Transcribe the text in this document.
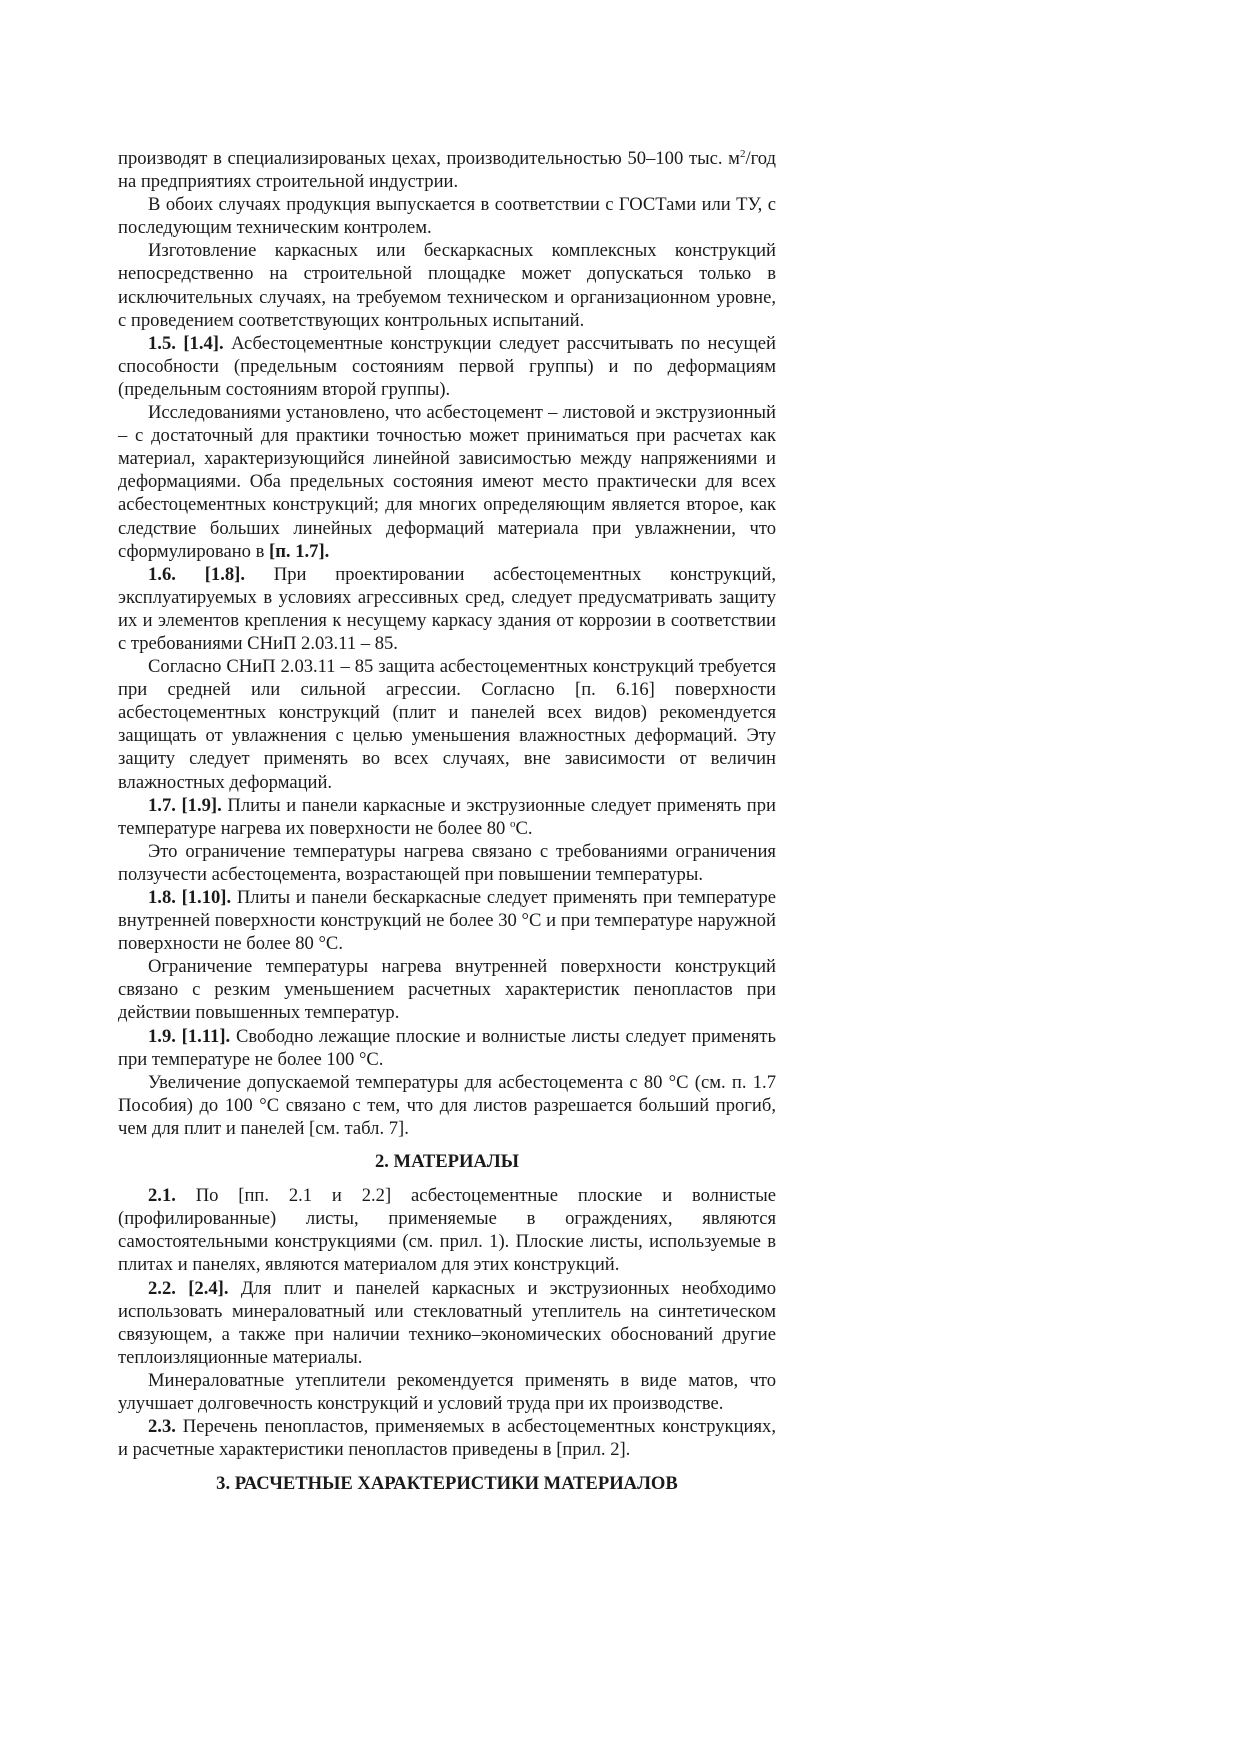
производят в специализированых цехах, производительностью 50–100 тыс. $м^2$/год на предприятиях строительной индустрии.

В обоих случаях продукция выпускается в соответствии с ГОСТами или ТУ, с последующим техническим контролем.

Изготовление каркасных или бескаркасных комплексных конструкций непосредственно на строительной площадке может допускаться только в исключительных случаях, на требуемом техническом и организационном уровне, с проведением соответствующих контрольных испытаний.

1.5. [1.4]. Асбестоцементные конструкции следует рассчитывать по несущей способности (предельным состояниям первой группы) и по деформациям (предельным состояниям второй группы).

Исследованиями установлено, что асбестоцемент – листовой и экструзионный – с достаточный для практики точностью может приниматься при расчетах как материал, характеризующийся линейной зависимостью между напряжениями и деформациями. Оба предельных состояния имеют место практически для всех асбестоцементных конструкций; для многих определяющим является второе, как следствие больших линейных деформаций материала при увлажнении, что сформулировано в [п. 1.7].

1.6. [1.8]. При проектировании асбестоцементных конструкций, эксплуатируемых в условиях агрессивных сред, следует предусматривать защиту их и элементов крепления к несущему каркасу здания от коррозии в соответствии с требованиями СНиП 2.03.11 – 85.

Согласно СНиП 2.03.11 – 85 защита асбестоцементных конструкций требуется при средней или сильной агрессии. Согласно [п. 6.16] поверхности асбестоцементных конструкций (плит и панелей всех видов) рекомендуется защищать от увлажнения с целью уменьшения влажностных деформаций. Эту защиту следует применять во всех случаях, вне зависимости от величин влажностных деформаций.

1.7. [1.9]. Плиты и панели каркасные и экструзионные следует применять при температуре нагрева их поверхности не более 80 $^о$С.

Это ограничение температуры нагрева связано с требованиями ограничения ползучести асбестоцемента, возрастающей при повышении температуры.

1.8. [1.10]. Плиты и панели бескаркасные следует применять при температуре внутренней поверхности конструкций не более 30 °С и при температуре наружной поверхности не более 80 °С.

Ограничение температуры нагрева внутренней поверхности конструкций связано с резким уменьшением расчетных характеристик пенопластов при действии повышенных температур.

1.9. [1.11]. Свободно лежащие плоские и волнистые листы следует применять при температуре не более 100 °С.

Увеличение допускаемой температуры для асбестоцемента с 80 °С (см. п. 1.7 Пособия) до 100 °С связано с тем, что для листов разрешается больший прогиб, чем для плит и панелей [см. табл. 7].

2. МАТЕРИАЛЫ

2.1. По [пп. 2.1 и 2.2] асбестоцементные плоские и волнистые (профилированные) листы, применяемые в ограждениях, являются самостоятельными конструкциями (см. прил. 1). Плоские листы, используемые в плитах и панелях, являются материалом для этих конструкций.

2.2. [2.4]. Для плит и панелей каркасных и экструзионных необходимо использовать минераловатный или стекловатный утеплитель на синтетическом связующем, а также при наличии технико–экономических обоснований другие теплоизляционные материалы.

Минераловатные утеплители рекомендуется применять в виде матов, что улучшает долговечность конструкций и условий труда при их производстве.

2.3. Перечень пенопластов, применяемых в асбестоцементных конструкциях, и расчетные характеристики пенопластов приведены в [прил. 2].

3. РАСЧЕТНЫЕ ХАРАКТЕРИСТИКИ МАТЕРИАЛОВ
